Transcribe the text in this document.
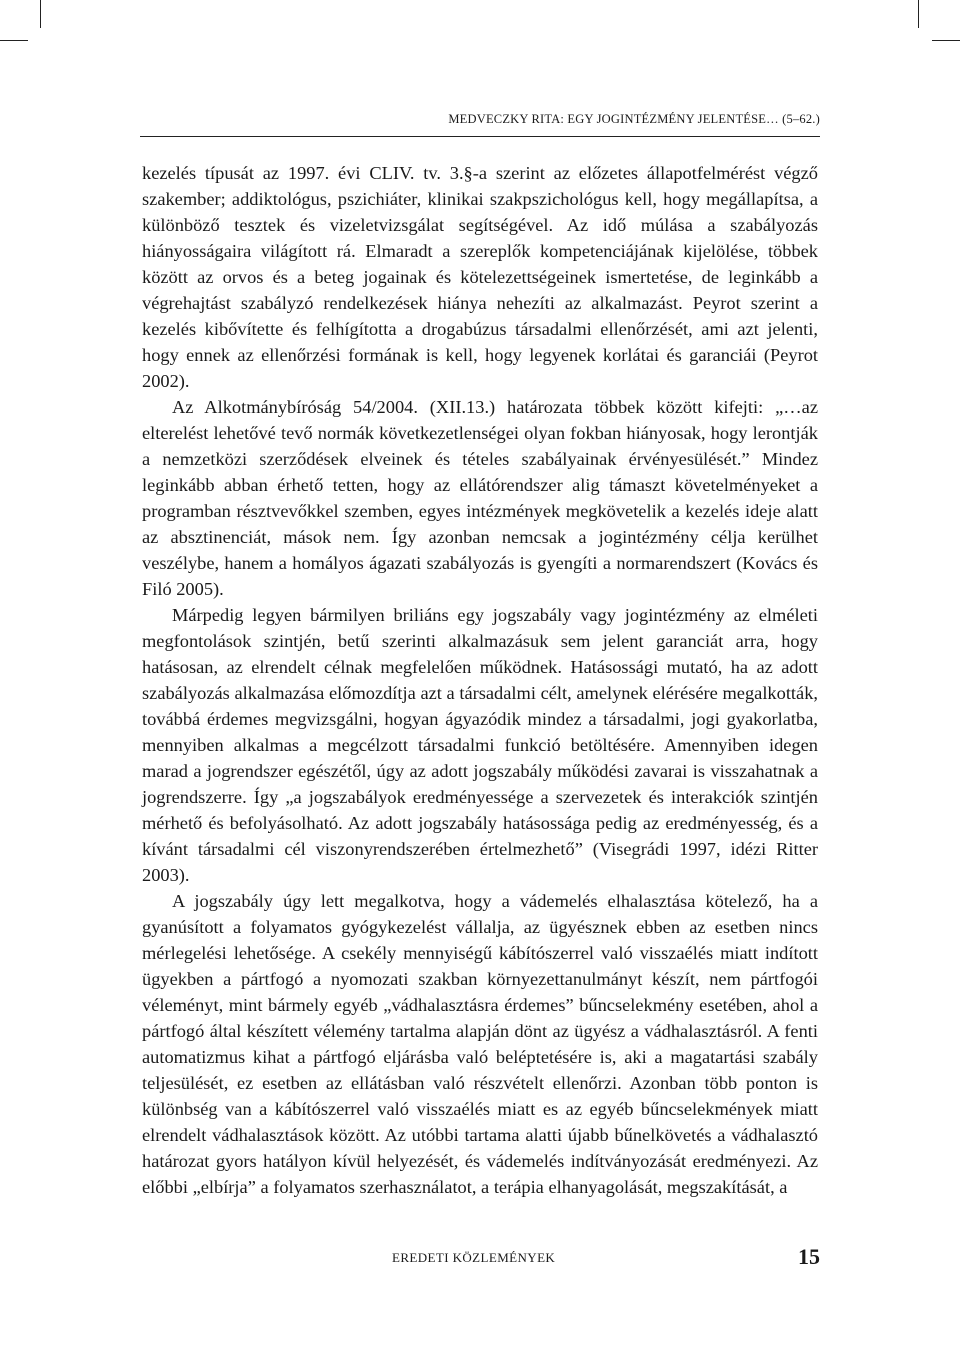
MEDVECZKY RITA: EGY JOGINTÉZMÉNY JELENTÉSE… (5–62.)

kezelés típusát az 1997. évi CLIV. tv. 3.§-a szerint az előzetes állapotfelmérést végző szakember; addiktológus, pszichiáter, klinikai szakpszichológus kell, hogy megállapítsa, a különböző tesztek és vizeletvizsgálat segítségével. Az idő múlása a szabályozás hiányosságaira világított rá. Elmaradt a szereplők kompetenciájának kijelölése, többek között az orvos és a beteg jogainak és kötelezettségeinek ismertetése, de leginkább a végrehajtást szabályzó rendelkezések hiánya nehezíti az alkalmazást. Peyrot szerint a kezelés kibővítette és felhígította a drogabúzus társadalmi ellenőrzését, ami azt jelenti, hogy ennek az ellenőrzési formának is kell, hogy legyenek korlátai és garanciái (Peyrot 2002).

Az Alkotmánybíróság 54/2004. (XII.13.) határozata többek között kifejti: „…az elterelést lehetővé tevő normák következetlenségei olyan fokban hiányosak, hogy lerontják a nemzetközi szerződések elveinek és tételes szabályainak érvényesülését.” Mindez leginkább abban érhető tetten, hogy az ellátórendszer alig támaszt követelményeket a programban résztvevőkkel szemben, egyes intézmények megkövetelik a kezelés ideje alatt az absztinenciát, mások nem. Így azonban nemcsak a jogintézmény célja kerülhet veszélybe, hanem a homályos ágazati szabályozás is gyengíti a normarendszert (Kovács és Filó 2005).

Márpedig legyen bármilyen briliáns egy jogszabály vagy jogintézmény az elméleti megfontolások szintjén, betű szerinti alkalmazásuk sem jelent garanciát arra, hogy hatásosan, az elrendelt célnak megfelelően működnek. Hatásossági mutató, ha az adott szabályozás alkalmazása előmozdítja azt a társadalmi célt, amelynek elérésére megalkották, továbbá érdemes megvizsgálni, hogyan ágyazódik mindez a társadalmi, jogi gyakorlatba, mennyiben alkalmas a megcélzott társadalmi funkció betöltésére. Amennyiben idegen marad a jogrendszer egészétől, úgy az adott jogszabály működési zavarai is visszahatnak a jogrendszerre. Így „a jogszabályok eredményessége a szervezetek és interakciók szintjén mérhető és befolyásolható. Az adott jogszabály hatásossága pedig az eredményesség, és a kívánt társadalmi cél viszonyrendszerében értelmezhető” (Visegrádi 1997, idézi Ritter 2003).

A jogszabály úgy lett megalkotva, hogy a vádemelés elhalasztása kötelező, ha a gyanúsított a folyamatos gyógykezelést vállalja, az ügyésznek ebben az esetben nincs mérlegelési lehetősége. A csekély mennyiségű kábítószerrel való visszaélés miatt indított ügyekben a pártfogó a nyomozati szakban környezettanulmányt készít, nem pártfogói véleményt, mint bármely egyéb „vádhalasztásra érdemes” bűncselekmény esetében, ahol a pártfogó által készített vélemény tartalma alapján dönt az ügyész a vádhalasztásról. A fenti automatizmus kihat a pártfogó eljárásba való beléptetésére is, aki a magatartási szabály teljesülését, ez esetben az ellátásban való részvételt ellenőrzi. Azonban több ponton is különbség van a kábítószerrel való visszaélés miatt es az egyéb bűncselekmények miatt elrendelt vádhalasztások között. Az utóbbi tartama alatti újabb bűnelkövetés a vádhalasztó határozat gyors hatályon kívül helyezését, és vádemelés indítványozását eredményezi. Az előbbi „elbírja” a folyamatos szerhasználatot, a terápia elhanyagolását, megszakítását, a

EREDETI KÖZLEMÉNYEK	15
